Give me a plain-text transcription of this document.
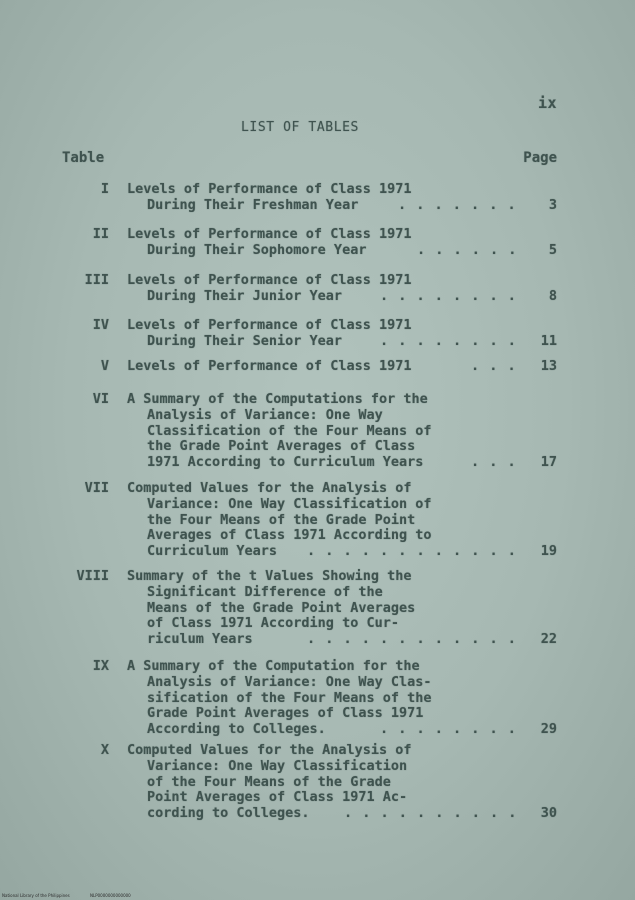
ix
LIST OF TABLES
Table	Page
I Levels of Performance of Class 1971
During Their Freshman Year	. . . . . . . 3
II Levels of Performance of Class 1971
During Their Sophomore Year	. . . . . . 5
III Levels of Performance of Class 1971
During Their Junior Year	. . . . . . . . 8
IV Levels of Performance of Class 1971
During Their Senior Year	. . . . . . . . 11
V Levels of Performance of Class 1971	. . . 13
VI A Summary of the Computations for the
Analysis of Variance: One Way
Classification of the Four Means of
the Grade Point Averages of Class
1971 According to Curriculum Years	. . . 17
VII Computed Values for the Analysis of
Variance: One Way Classification of
the Four Means of the Grade Point
Averages of Class 1971 According to
Curriculum Years . . . . . . . . . . . . 19
VIII Summary of the t Values Showing the
Significant Difference of the
Means of the Grade Point Averages
of Class 1971 According to Cur-
riculum Years	. . . . . . . . . . . . 22
IX A Summary of the Computation for the
Analysis of Variance: One Way Clas-
sification of the Four Means of the
Grade Point Averages of Class 1971
According to Colleges.	. . . . . . . . 29
X Computed Values for the Analysis of
Variance: One Way Classification
of the Four Means of the Grade
Point Averages of Class 1971 Ac-
cording to Colleges.	. . . . . . . . . . 30
National Library of the Philippines	NLP0000000000000
